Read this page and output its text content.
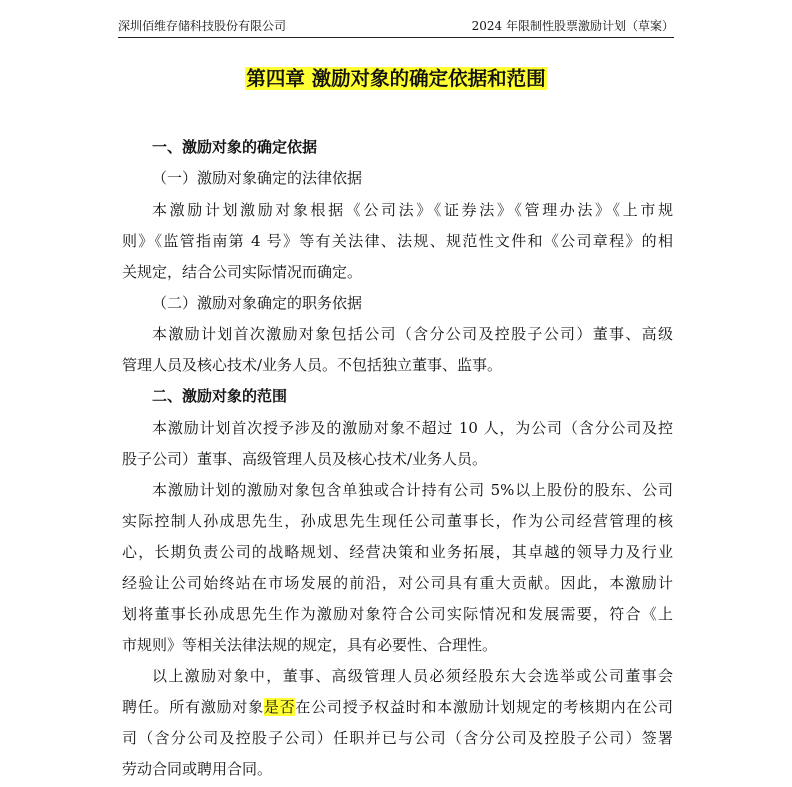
深圳佰维存储科技股份有限公司	2024 年限制性股票激励计划（草案）
第四章 激励对象的确定依据和范围
一、激励对象的确定依据
（一）激励对象确定的法律依据
本激励计划激励对象根据《公司法》《证券法》《管理办法》《上市规
则》《监管指南第 4 号》等有关法律、法规、规范性文件和《公司章程》的相
关规定，结合公司实际情况而确定。
（二）激励对象确定的职务依据
本激励计划首次激励对象包括公司（含分公司及控股子公司）董事、高级
管理人员及核心技术/业务人员。不包括独立董事、监事。
二、激励对象的范围
本激励计划首次授予涉及的激励对象不超过 10 人，为公司（含分公司及控
股子公司）董事、高级管理人员及核心技术/业务人员。
本激励计划的激励对象包含单独或合计持有公司 5%以上股份的股东、公司
实际控制人孙成思先生，孙成思先生现任公司董事长，作为公司经营管理的核
心，长期负责公司的战略规划、经营决策和业务拓展，其卓越的领导力及行业
经验让公司始终站在市场发展的前沿，对公司具有重大贡献。因此，本激励计
划将董事长孙成思先生作为激励对象符合公司实际情况和发展需要，符合《上
市规则》等相关法律法规的规定，具有必要性、合理性。
以上激励对象中，董事、高级管理人员必须经股东大会选举或公司董事会
聘任。所有激励对象是否在公司授予权益时和本激励计划规定的考核期内在公司
司（含分公司及控股子公司）任职并已与公司（含分公司及控股子公司）签署
劳动合同或聘用合同。
